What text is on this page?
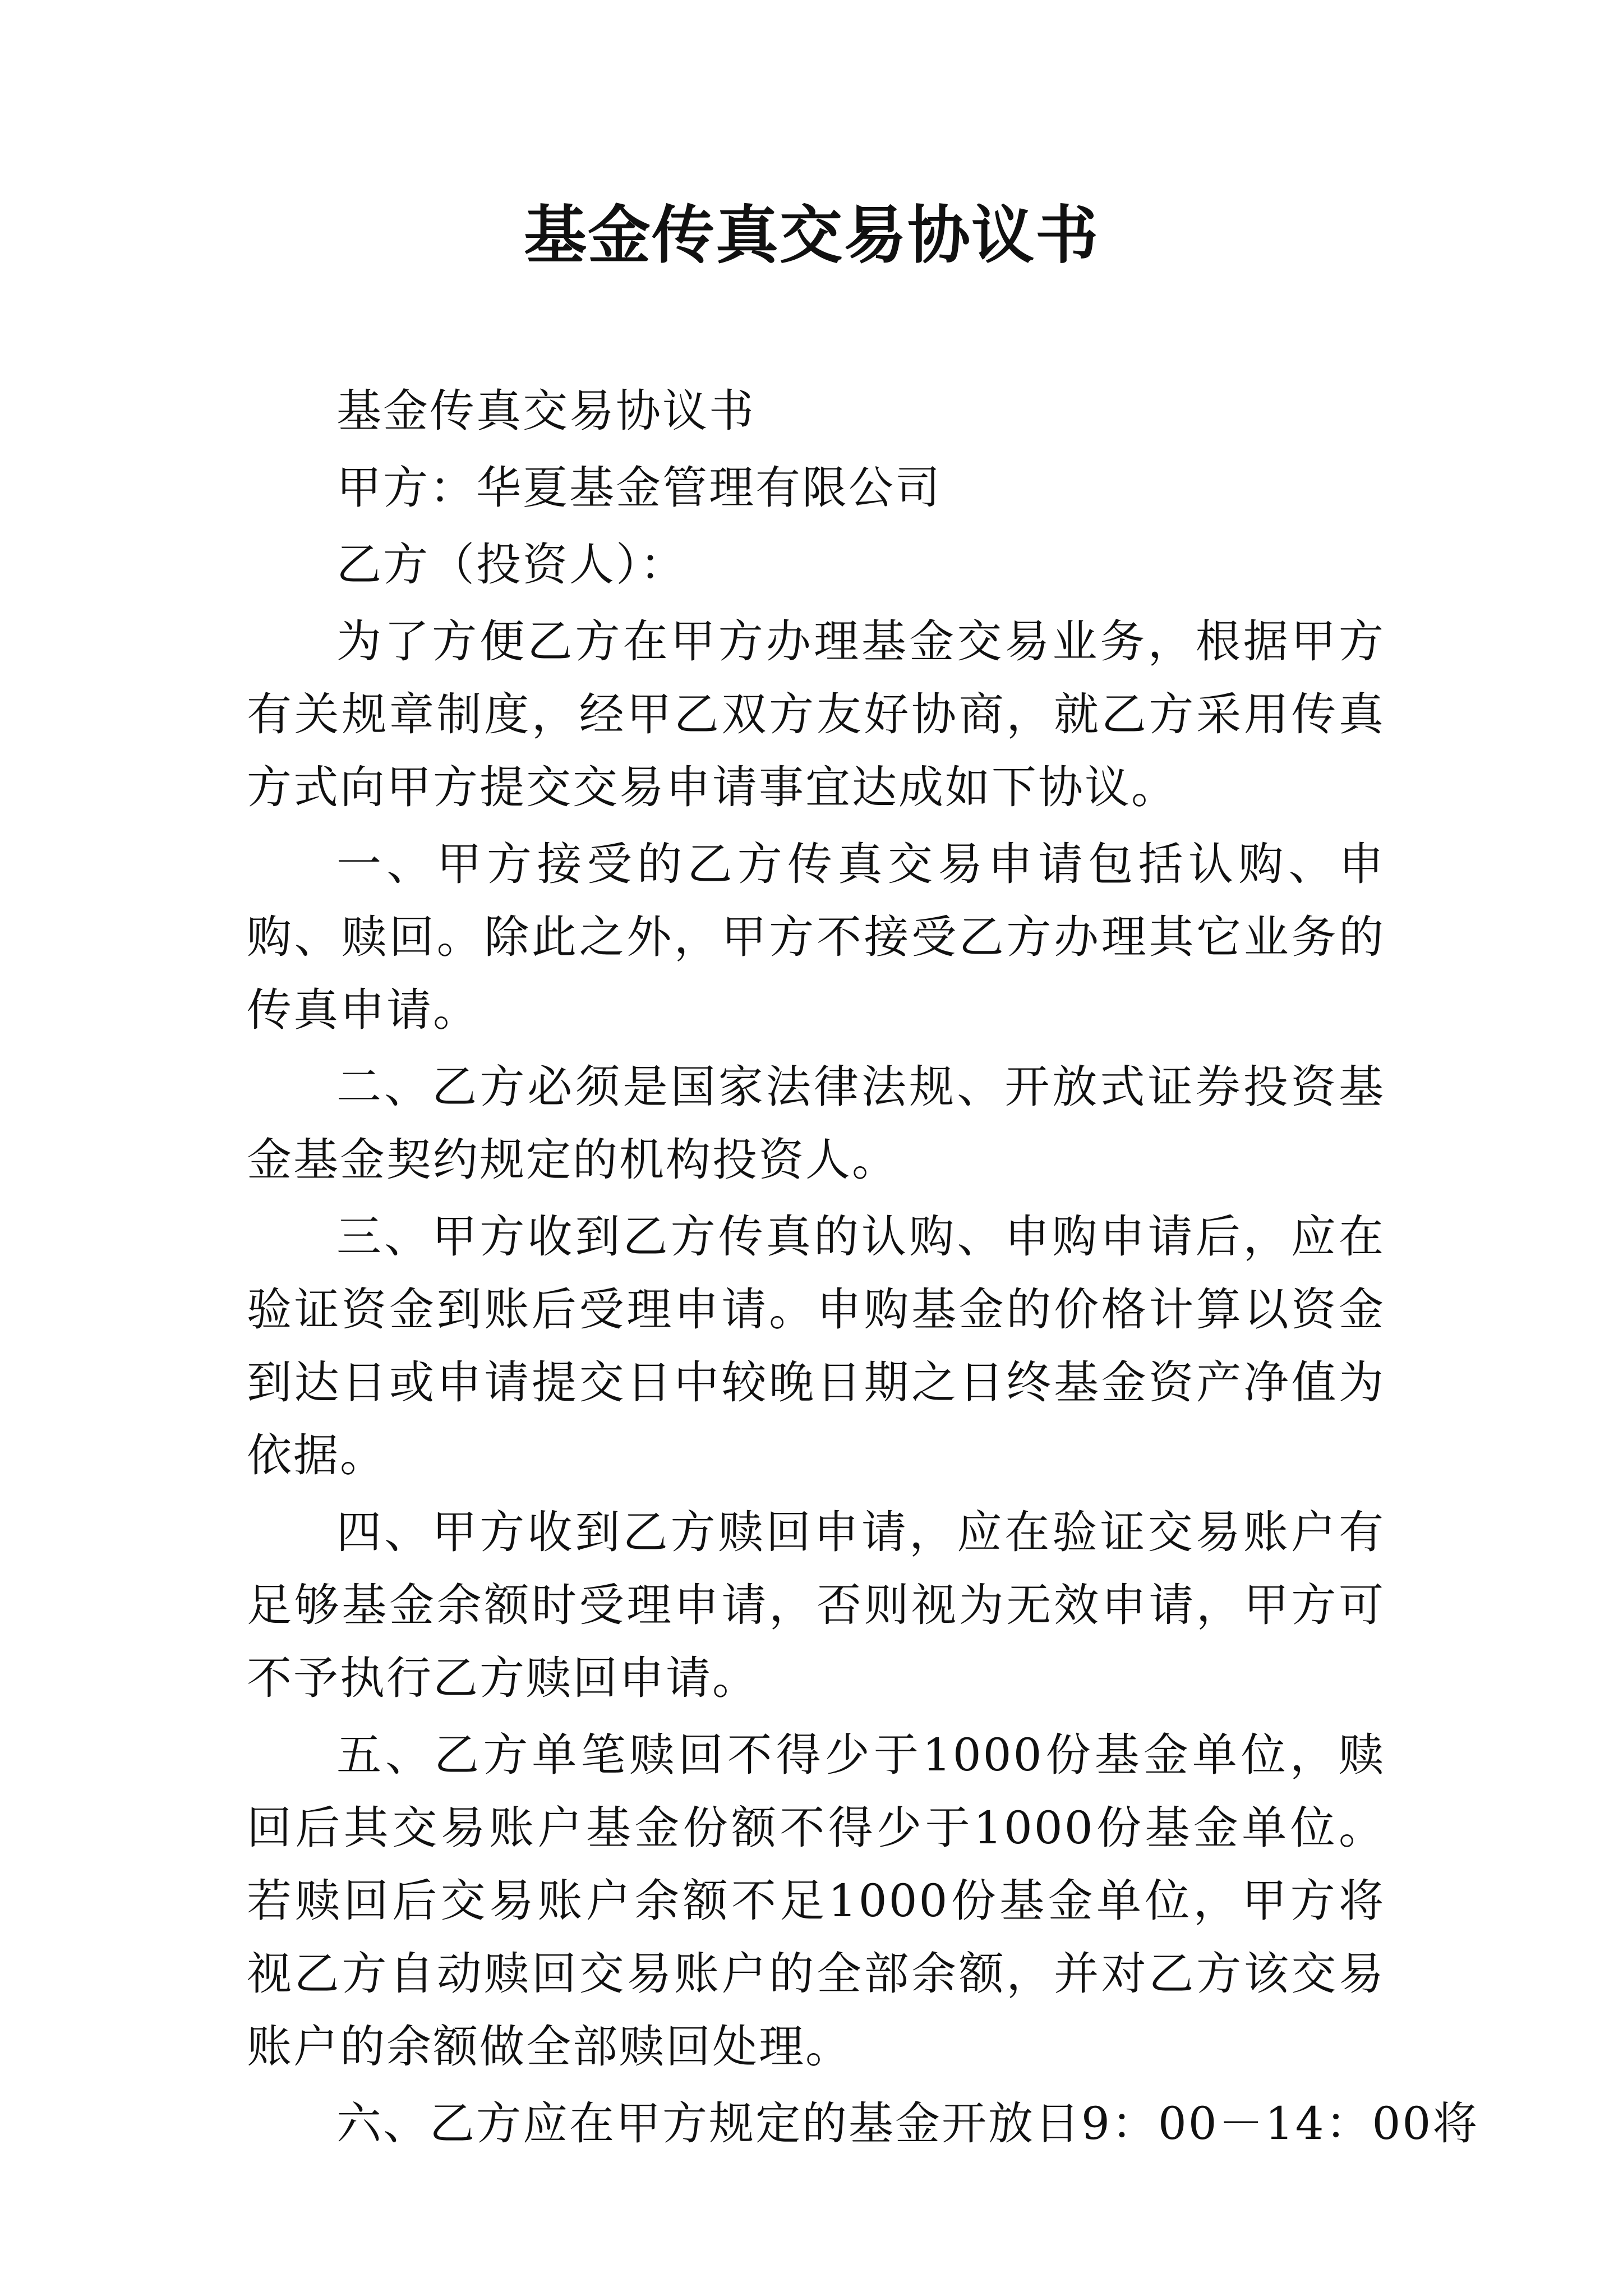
基金传真交易协议书

基金传真交易协议书

甲方：华夏基金管理有限公司

乙方（投资人）：

为了方便乙方在甲方办理基金交易业务，根据甲方有关规章制度，经甲乙双方友好协商，就乙方采用传真方式向甲方提交交易申请事宜达成如下协议。

一、甲方接受的乙方传真交易申请包括认购、申购、赎回。除此之外，甲方不接受乙方办理其它业务的传真申请。

二、乙方必须是国家法律法规、开放式证券投资基金基金契约规定的机构投资人。

三、甲方收到乙方传真的认购、申购申请后，应在验证资金到账后受理申请。申购基金的价格计算以资金到达日或申请提交日中较晚日期之日终基金资产净值为依据。

四、甲方收到乙方赎回申请，应在验证交易账户有足够基金余额时受理申请，否则视为无效申请，甲方可不予执行乙方赎回申请。

五、乙方单笔赎回不得少于1000份基金单位，赎回后其交易账户基金份额不得少于1000份基金单位。若赎回后交易账户余额不足1000份基金单位，甲方将视乙方自动赎回交易账户的全部余额，并对乙方该交易账户的余额做全部赎回处理。

六、乙方应在甲方规定的基金开放日9：00－14：00将
